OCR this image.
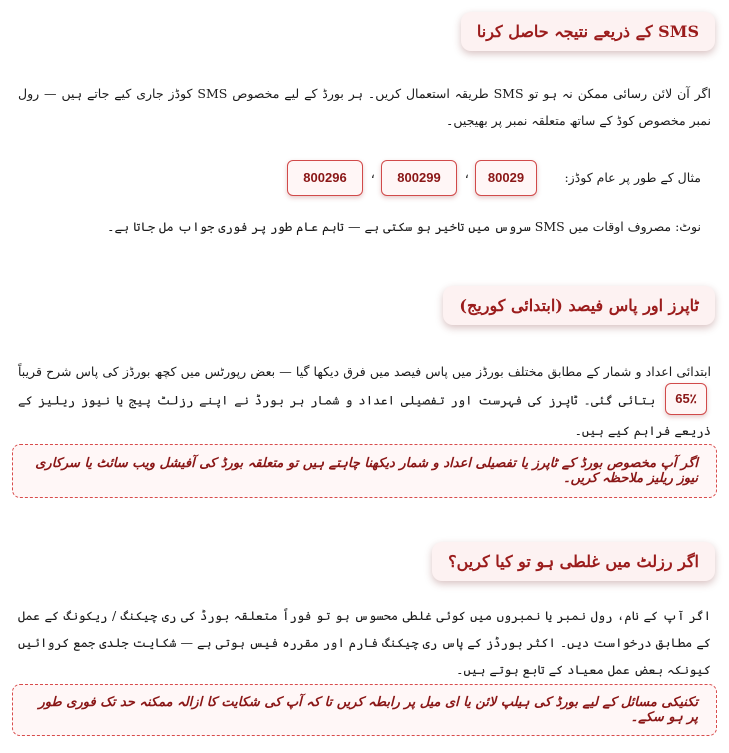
SMS کے ذریعے نتیجہ حاصل کرنا
اگر آن لائن رسائی ممکن نہ ہو تو SMS طریقہ استعمال کریں۔ ہر بورڈ کے لیے مخصوص SMS کوڈز جاری کیے جاتے ہیں — رول نمبر مخصوص کوڈ کے ساتھ متعلقہ نمبر پر بھیجیں۔
مثال کے طور پر عام کوڈز:
80029
،
800299
،
800296
نوٹ: مصروف اوقات میں SMS سروس میں تاخیر ہو سکتی ہے — تاہم عام طور پر فوری جواب مل جاتا ہے۔
ٹاپرز اور پاس فیصد (ابتدائی کوریج)
ابتدائی اعداد و شمار کے مطابق مختلف بورڈز میں پاس فیصد میں فرق دیکھا گیا — بعض رپورٹس میں کچھ بورڈز کی پاس شرح قریباً 65٪ بتائی گئی۔ ٹاپرز کی فہرست اور تفصیلی اعداد و شمار ہر بورڈ نے اپنے رزلٹ پیج یا نیوز ریلیز کے ذریعے فراہم کیے ہیں۔
اگر آپ مخصوص بورڈ کے ٹاپرز یا تفصیلی اعداد و شمار دیکھنا چاہتے ہیں تو متعلقہ بورڈ کی آفیشل ویب سائٹ یا سرکاری نیوز ریلیز ملاحظہ کریں۔
اگر رزلٹ میں غلطی ہو تو کیا کریں؟
اگر آپ کے نام، رول نمبر یا نمبروں میں کوئی غلطی محسوس ہو تو فوراً متعلقہ بورڈ کی ری چیکنگ / ریکونگ کے عمل کے مطابق درخواست دیں۔ اکثر بورڈز کے پاس ری چیکنگ فارم اور مقررہ فیس ہوتی ہے — شکایت جلدی جمع کروائیں کیونکہ بعض عمل معیاد کے تابع ہوتے ہیں۔
تکنیکی مسائل کے لیے بورڈ کی ہیلپ لائن یا ای میل پر رابطہ کریں تا کہ آپ کی شکایت کا ازالہ ممکنہ حد تک فوری طور پر ہو سکے۔
